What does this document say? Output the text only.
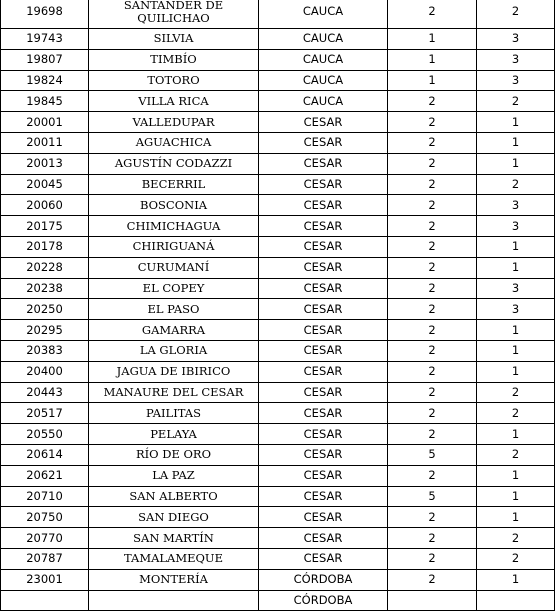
19698	SANTANDER DE QUILICHAO	CAUCA	2	2
19743	SILVIA	CAUCA	1	3
19807	TIMBÍO	CAUCA	1	3
19824	TOTORO	CAUCA	1	3
19845	VILLA RICA	CAUCA	2	2
20001	VALLEDUPAR	CESAR	2	1
20011	AGUACHICA	CESAR	2	1
20013	AGUSTÍN CODAZZI	CESAR	2	1
20045	BECERRIL	CESAR	2	2
20060	BOSCONIA	CESAR	2	3
20175	CHIMICHAGUA	CESAR	2	3
20178	CHIRIGUANÁ	CESAR	2	1
20228	CURUMANÍ	CESAR	2	1
20238	EL COPEY	CESAR	2	3
20250	EL PASO	CESAR	2	3
20295	GAMARRA	CESAR	2	1
20383	LA GLORIA	CESAR	2	1
20400	JAGUA DE IBIRICO	CESAR	2	1
20443	MANAURE DEL CESAR	CESAR	2	2
20517	PAILITAS	CESAR	2	2
20550	PELAYA	CESAR	2	1
20614	RÍO DE ORO	CESAR	5	2
20621	LA PAZ	CESAR	2	1
20710	SAN ALBERTO	CESAR	5	1
20750	SAN DIEGO	CESAR	2	1
20770	SAN MARTÍN	CESAR	2	2
20787	TAMALAMEQUE	CESAR	2	2
23001	MONTERÍA	CÓRDOBA	2	1
		CÓRDOBA		
